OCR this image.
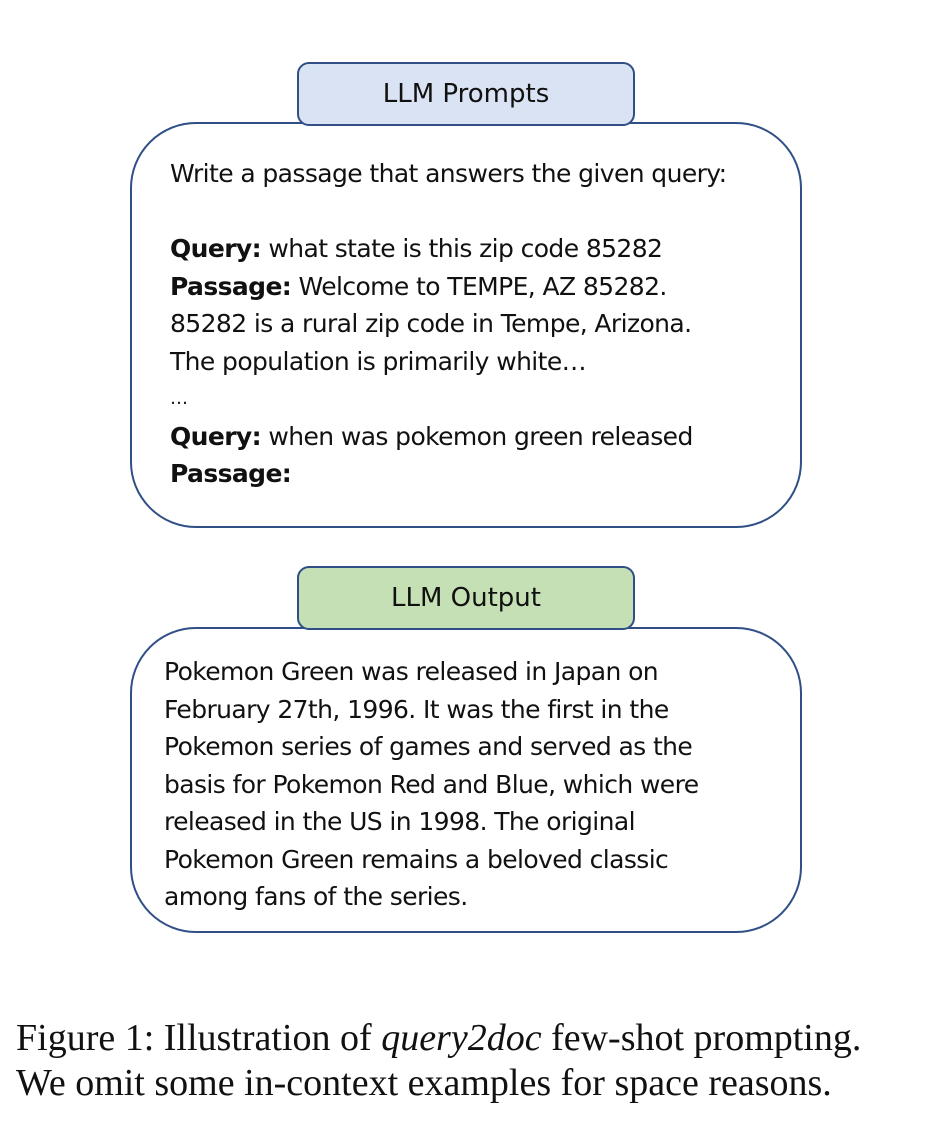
LLM Prompts
Write a passage that answers the given query:
Query: what state is this zip code 85282
Passage: Welcome to TEMPE, AZ 85282.
85282 is a rural zip code in Tempe, Arizona.
The population is primarily white…
…
Query: when was pokemon green released
Passage:
LLM Output
Pokemon Green was released in Japan on
February 27th, 1996. It was the first in the
Pokemon series of games and served as the
basis for Pokemon Red and Blue, which were
released in the US in 1998. The original
Pokemon Green remains a beloved classic
among fans of the series.
Figure 1: Illustration of query2doc few-shot prompting.
We omit some in-context examples for space reasons.
